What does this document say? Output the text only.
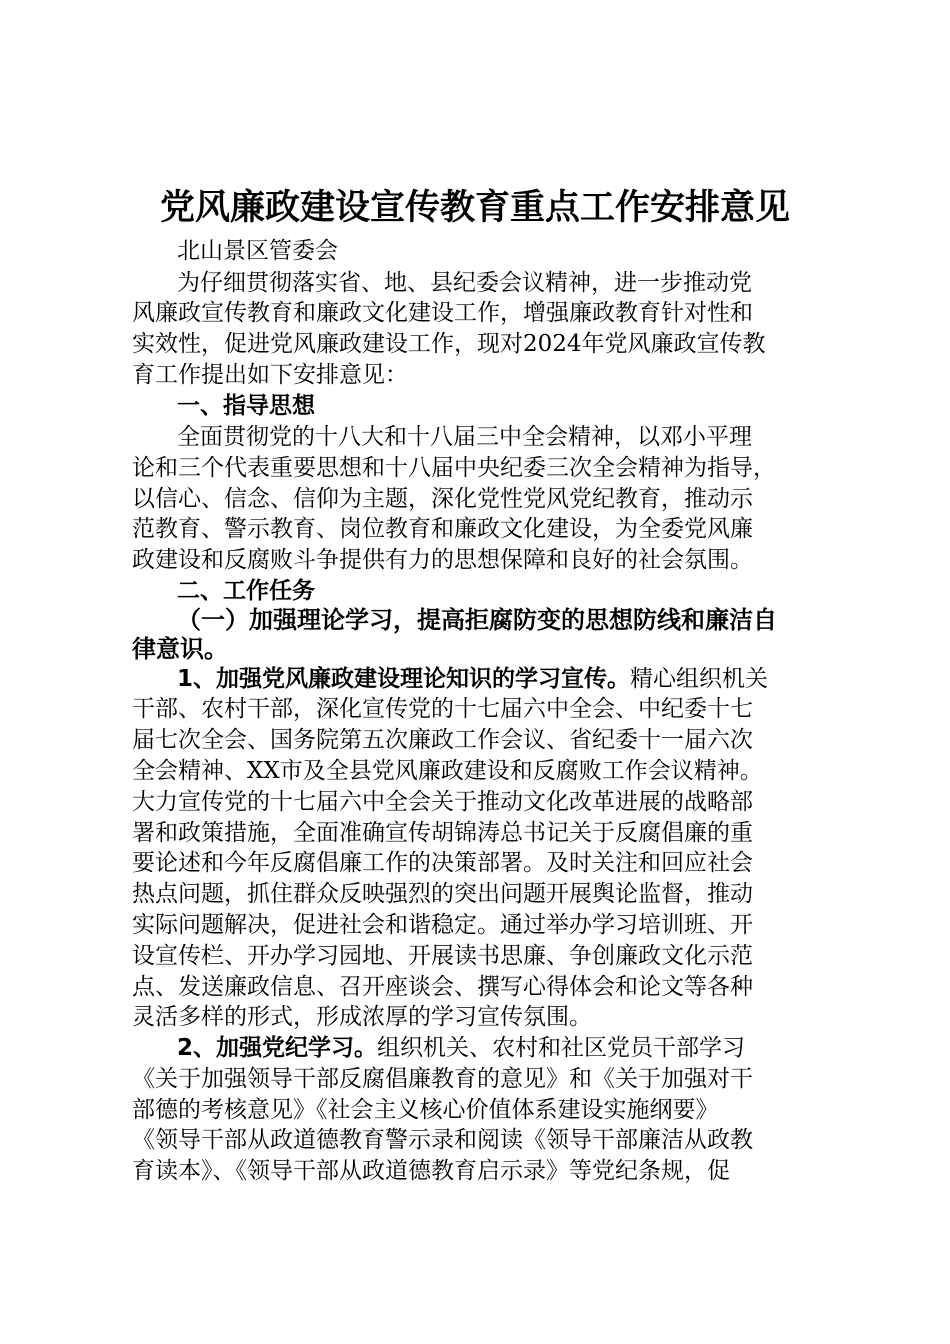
党风廉政建设宣传教育重点工作安排意见
北山景区管委会
为仔细贯彻落实省、地、县纪委会议精神，进一步推动党
风廉政宣传教育和廉政文化建设工作，增强廉政教育针对性和
实效性，促进党风廉政建设工作，现对2024年党风廉政宣传教
育工作提出如下安排意见：
一、指导思想
全面贯彻党的十八大和十八届三中全会精神，以邓小平理
论和三个代表重要思想和十八届中央纪委三次全会精神为指导，
以信心、信念、信仰为主题，深化党性党风党纪教育，推动示
范教育、警示教育、岗位教育和廉政文化建设，为全委党风廉
政建设和反腐败斗争提供有力的思想保障和良好的社会氛围。
二、工作任务
（一）加强理论学习，提高拒腐防变的思想防线和廉洁自
律意识。
1、加强党风廉政建设理论知识的学习宣传。精心组织机关
干部、农村干部，深化宣传党的十七届六中全会、中纪委十七
届七次全会、国务院第五次廉政工作会议、省纪委十一届六次
全会精神、XX市及全县党风廉政建设和反腐败工作会议精神。
大力宣传党的十七届六中全会关于推动文化改革进展的战略部
署和政策措施，全面准确宣传胡锦涛总书记关于反腐倡廉的重
要论述和今年反腐倡廉工作的决策部署。及时关注和回应社会
热点问题，抓住群众反映强烈的突出问题开展舆论监督，推动
实际问题解决，促进社会和谐稳定。通过举办学习培训班、开
设宣传栏、开办学习园地、开展读书思廉、争创廉政文化示范
点、发送廉政信息、召开座谈会、撰写心得体会和论文等各种
灵活多样的形式，形成浓厚的学习宣传氛围。
2、加强党纪学习。组织机关、农村和社区党员干部学习
《关于加强领导干部反腐倡廉教育的意见》和《关于加强对干
部德的考核意见》《社会主义核心价值体系建设实施纲要》
《领导干部从政道德教育警示录和阅读《领导干部廉洁从政教
育读本》、《领导干部从政道德教育启示录》等党纪条规，促
